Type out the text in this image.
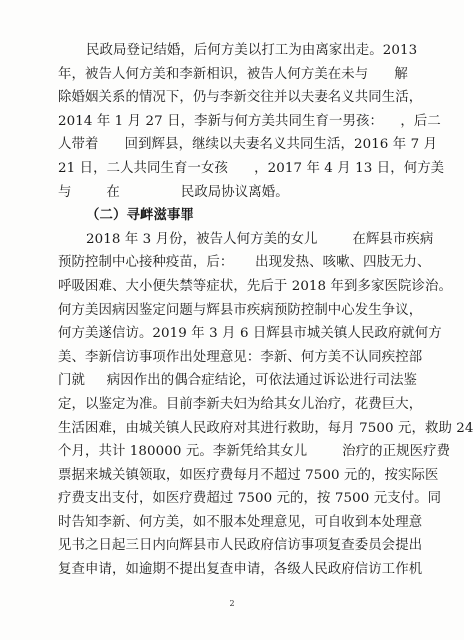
民政局登记结婚，后何方美以打工为由离家出走。2013
年，被告人何方美和李新相识，被告人何方美在未与      解
除婚姻关系的情况下，仍与李新交往并以夫妻名义共同生活，
2014 年 1 月 27 日，李新与何方美共同生育一男孩：    ，后二
人带着      回到辉县，继续以夫妻名义共同生活，2016 年 7 月
21 日，二人共同生育一女孩      ，2017 年 4 月 13 日，何方美
与        在              民政局协议离婚。
（二）寻衅滋事罪
2018 年 3 月份，被告人何方美的女儿        在辉县市疾病
预防控制中心接种疫苗，后：     出现发热、咳嗽、四肢无力、
呼吸困难、大小便失禁等症状，先后于 2018 年到多家医院诊治。
何方美因病因鉴定问题与辉县市疾病预防控制中心发生争议，
何方美遂信访。2019 年 3 月 6 日辉县市城关镇人民政府就何方
美、李新信访事项作出处理意见：李新、何方美不认同疾控部
门就     病因作出的偶合症结论，可依法通过诉讼进行司法鉴
定，以鉴定为准。目前李新夫妇为给其女儿治疗，花费巨大，
生活困难，由城关镇人民政府对其进行救助，每月 7500 元，救助 24
个月，共计 180000 元。李新凭给其女儿        治疗的正规医疗费
票据来城关镇领取，如医疗费每月不超过 7500 元的，按实际医
疗费支出支付，如医疗费超过 7500 元的，按 7500 元支付。同
时告知李新、何方美，如不服本处理意见，可自收到本处理意
见书之日起三日内向辉县市人民政府信访事项复查委员会提出
复查申请，如逾期不提出复查申请，各级人民政府信访工作机
2
